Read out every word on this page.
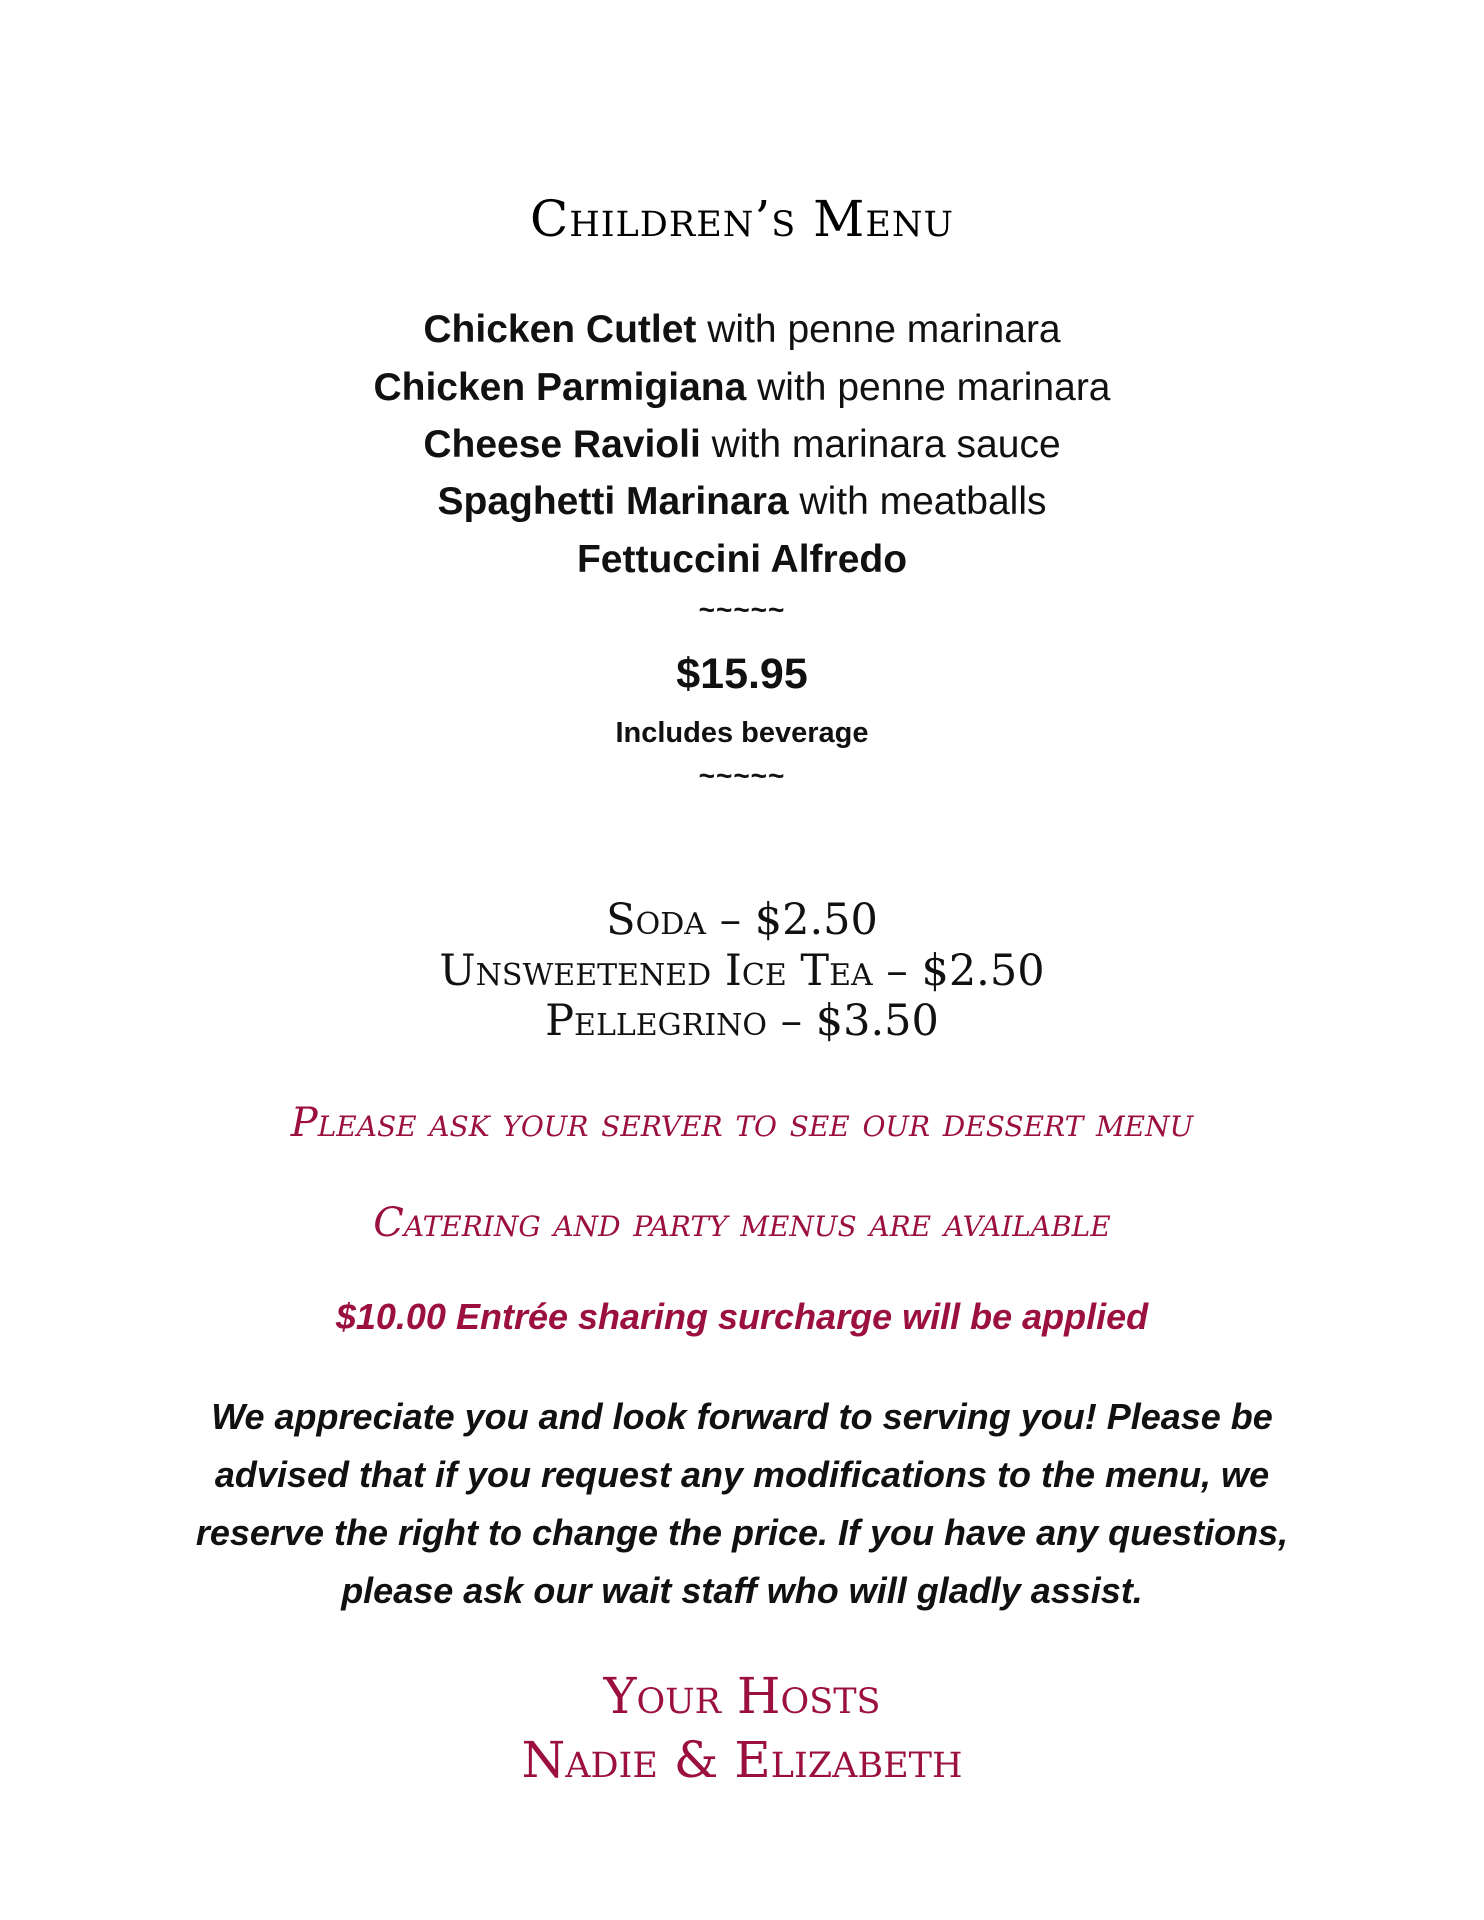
Children’s Menu
Chicken Cutlet with penne marinara
Chicken Parmigiana with penne marinara
Cheese Ravioli with marinara sauce
Spaghetti Marinara with meatballs
Fettuccini Alfredo
~~~~~
$15.95
Includes beverage
~~~~~
Soda – $2.50
Unsweetened Ice Tea – $2.50
Pellegrino – $3.50
Please ask your server to see our dessert menu
Catering and party menus are available
$10.00 Entrée sharing surcharge will be applied
We appreciate you and look forward to serving you! Please be
advised that if you request any modifications to the menu, we
reserve the right to change the price. If you have any questions,
please ask our wait staff who will gladly assist.
Your Hosts
Nadie & Elizabeth
